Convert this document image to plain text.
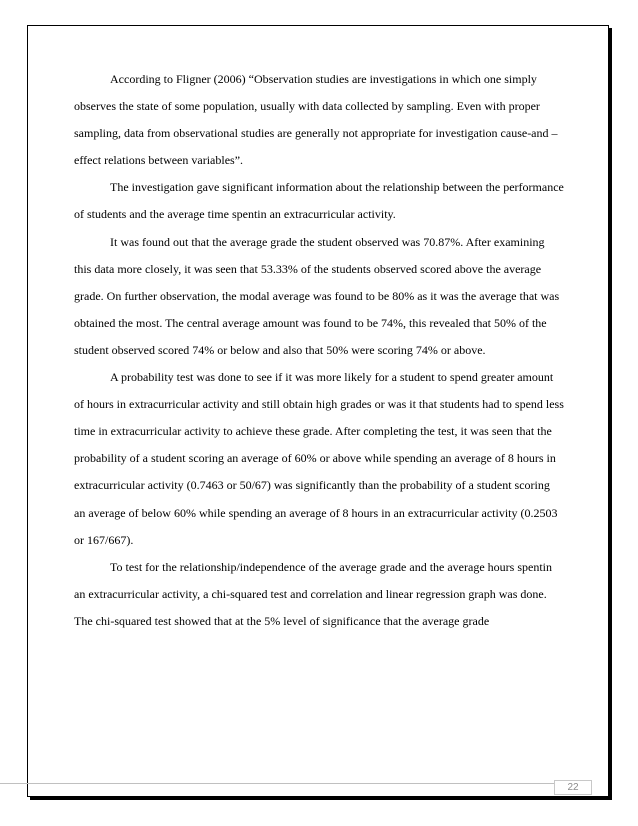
According to Fligner (2006) “Observation studies are investigations in which one simply observes the state of some population, usually with data collected by sampling. Even with proper sampling, data from observational studies are generally not appropriate for investigation cause-and –effect relations between variables”.

The investigation gave significant information about the relationship between the performance of students and the average time spentin an extracurricular activity.

It was found out that the average grade the student observed was 70.87%. After examining this data more closely, it was seen that 53.33% of the students observed scored above the average grade. On further observation, the modal average was found to be 80% as it was the average that was obtained the most. The central average amount was found to be 74%, this revealed that 50% of the student observed scored 74% or below and also that 50% were scoring 74% or above.

A probability test was done to see if it was more likely for a student to spend greater amount of hours in extracurricular activity and still obtain high grades or was it that students had to spend less time in extracurricular activity to achieve these grade. After completing the test, it was seen that the probability of a student scoring an average of 60% or above while spending an average of 8 hours in extracurricular activity (0.7463 or 50/67) was significantly than the probability of a student scoring an average of below 60% while spending an average of 8 hours in an extracurricular activity (0.2503 or 167/667).

To test for the relationship/independence of the average grade and the average hours spentin an extracurricular activity, a chi-squared test and correlation and linear regression graph was done. The chi-squared test showed that at the 5% level of significance that the average grade

22
